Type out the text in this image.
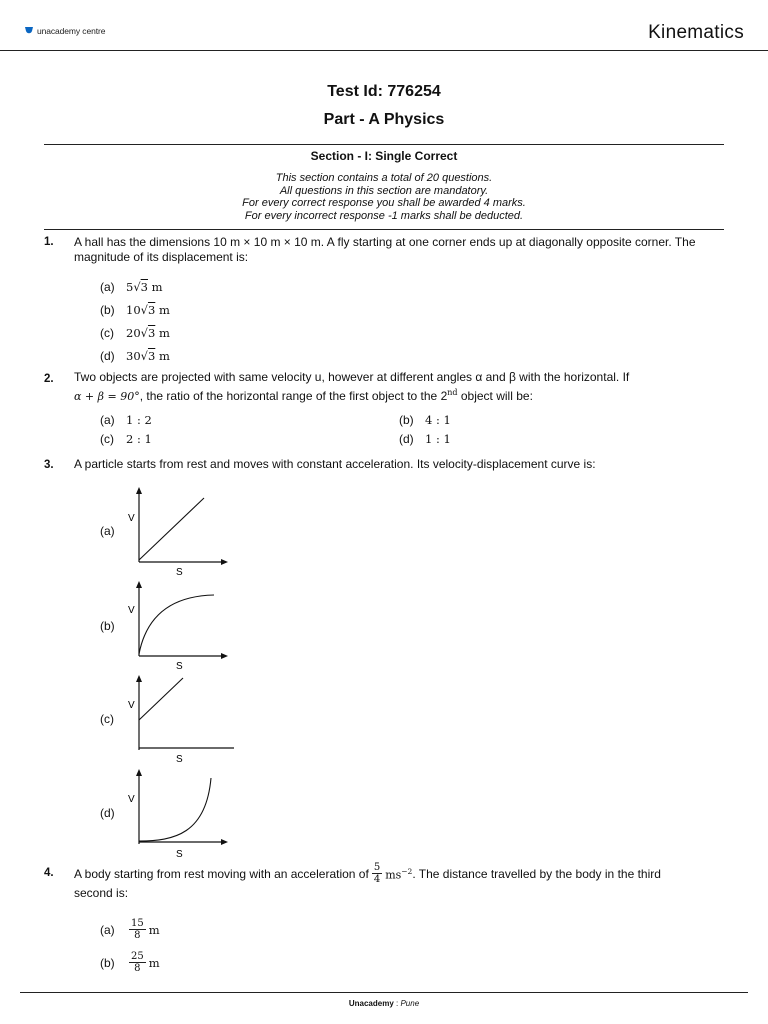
unacademy centre	Kinematics
Test Id: 776254
Part - A Physics
Section - I: Single Correct
This section contains a total of 20 questions.
All questions in this section are mandatory.
For every correct response you shall be awarded 4 marks.
For every incorrect response -1 marks shall be deducted.
1. A hall has the dimensions 10 m × 10 m × 10 m. A fly starting at one corner ends up at diagonally opposite corner. The magnitude of its displacement is:
(a) 5√3 m
(b) 10√3 m
(c)	20√3 m
(d) 30√3 m
2. Two objects are projected with same velocity u, however at different angles α and β with the horizontal. If
α + β = 90°, the ratio of the horizontal range of the first object to the 2nd object will be:
(a) 1 : 2	(b) 4 : 1
(c)	2 : 1	(d) 1 : 1
3. A particle starts from rest and moves with constant acceleration. Its velocity-displacement curve is:
(a)
V
S
(b)
V
S
(c)
V
S
(d)
V
S
4. A body starting from rest moving with an acceleration of $\frac{5}{4} ms^{-2}$ . The distance travelled by the body in the third
second is:
(a)	$\frac{15}{8}$ m
(b)	$\frac{25}{8}$ m
Unacademy : Pune
